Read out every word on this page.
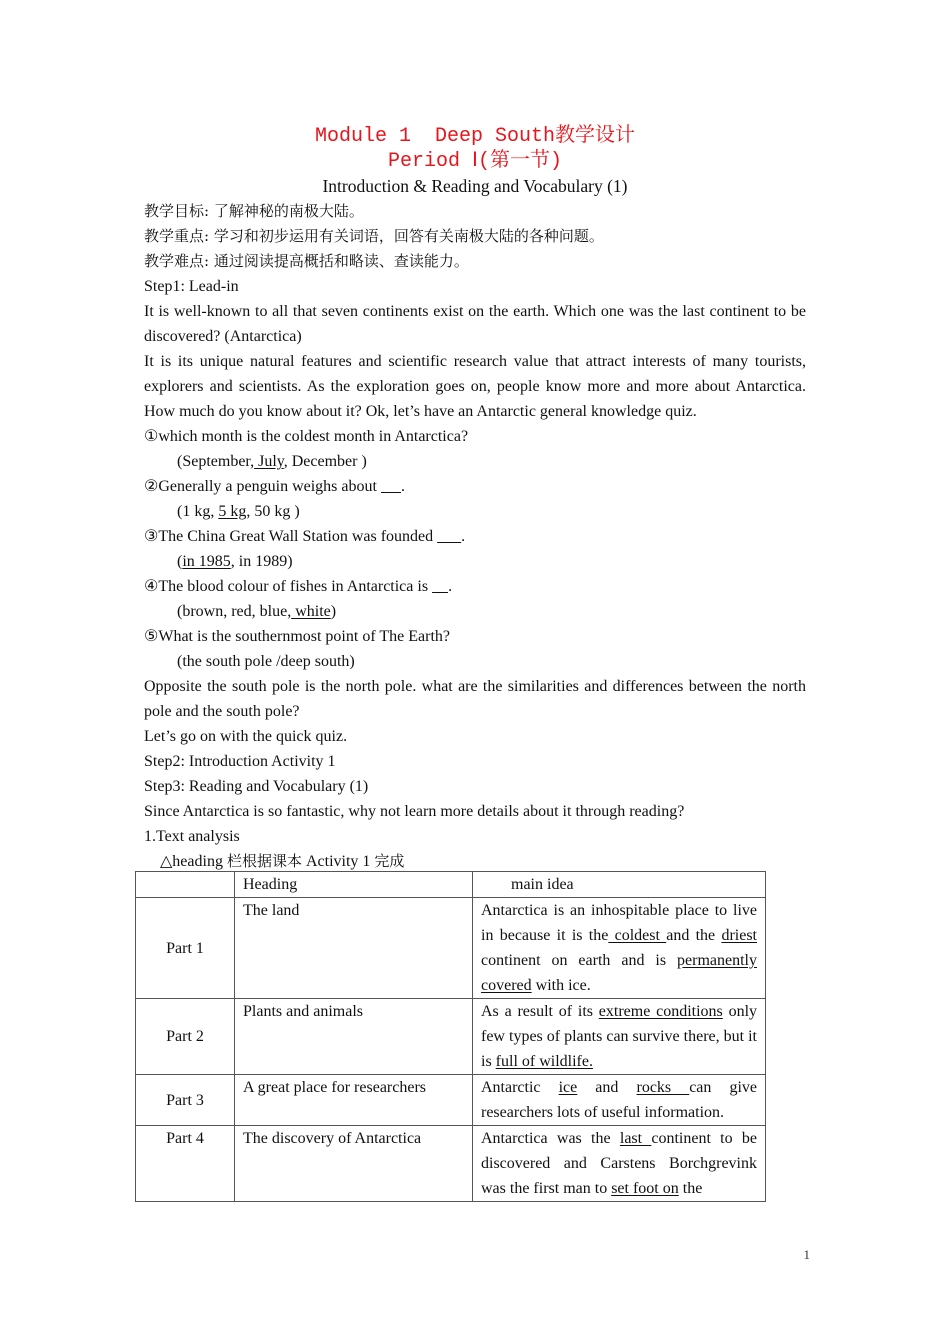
Module 1  Deep South教学设计
Period Ⅰ(第一节)
Introduction & Reading and Vocabulary (1)

教学目标: 了解神秘的南极大陆。

教学重点: 学习和初步运用有关词语，回答有关南极大陆的各种问题。

教学难点: 通过阅读提高概括和略读、查读能力。

Step1: Lead-in

It is well-known to all that seven continents exist on the earth. Which one was the last continent to be discovered? (Antarctica)

It is its unique natural features and scientific research value that attract interests of many tourists, explorers and scientists. As the exploration goes on, people know more and more about Antarctica. How much do you know about it? Ok, let’s have an Antarctic general knowledge quiz.

①which month is the coldest month in Antarctica?

(September, July, December )

②Generally a penguin weighs about      .

(1 kg, 5 kg, 50 kg )

③The China Great Wall Station was founded       .

(in 1985, in 1989)

④The blood colour of fishes in Antarctica is     .

(brown, red, blue, white)

⑤What is the southernmost point of The Earth?

(the south pole /deep south)

Opposite the south pole is the north pole. what are the similarities and differences between the north pole and the south pole?

Let’s go on with the quick quiz.

Step2: Introduction Activity 1

Step3: Reading and Vocabulary (1)

Since Antarctica is so fantastic, why not learn more details about it through reading?

1.Text analysis

△heading 栏根据课本 Activity 1 完成

	Heading	main idea
Part 1	The land	Antarctica is an inhospitable place to live in because it is the coldest and the driest continent on earth and is permanently covered with ice.
Part 2	Plants and animals	As a result of its extreme conditions only few types of plants can survive there, but it is full of wildlife.
Part 3	A great place for researchers	Antarctic ice and rocks can give researchers lots of useful information.
Part 4	The discovery of Antarctica	Antarctica was the last continent to be discovered and Carstens Borchgrevink was the first man to set foot on the
1
